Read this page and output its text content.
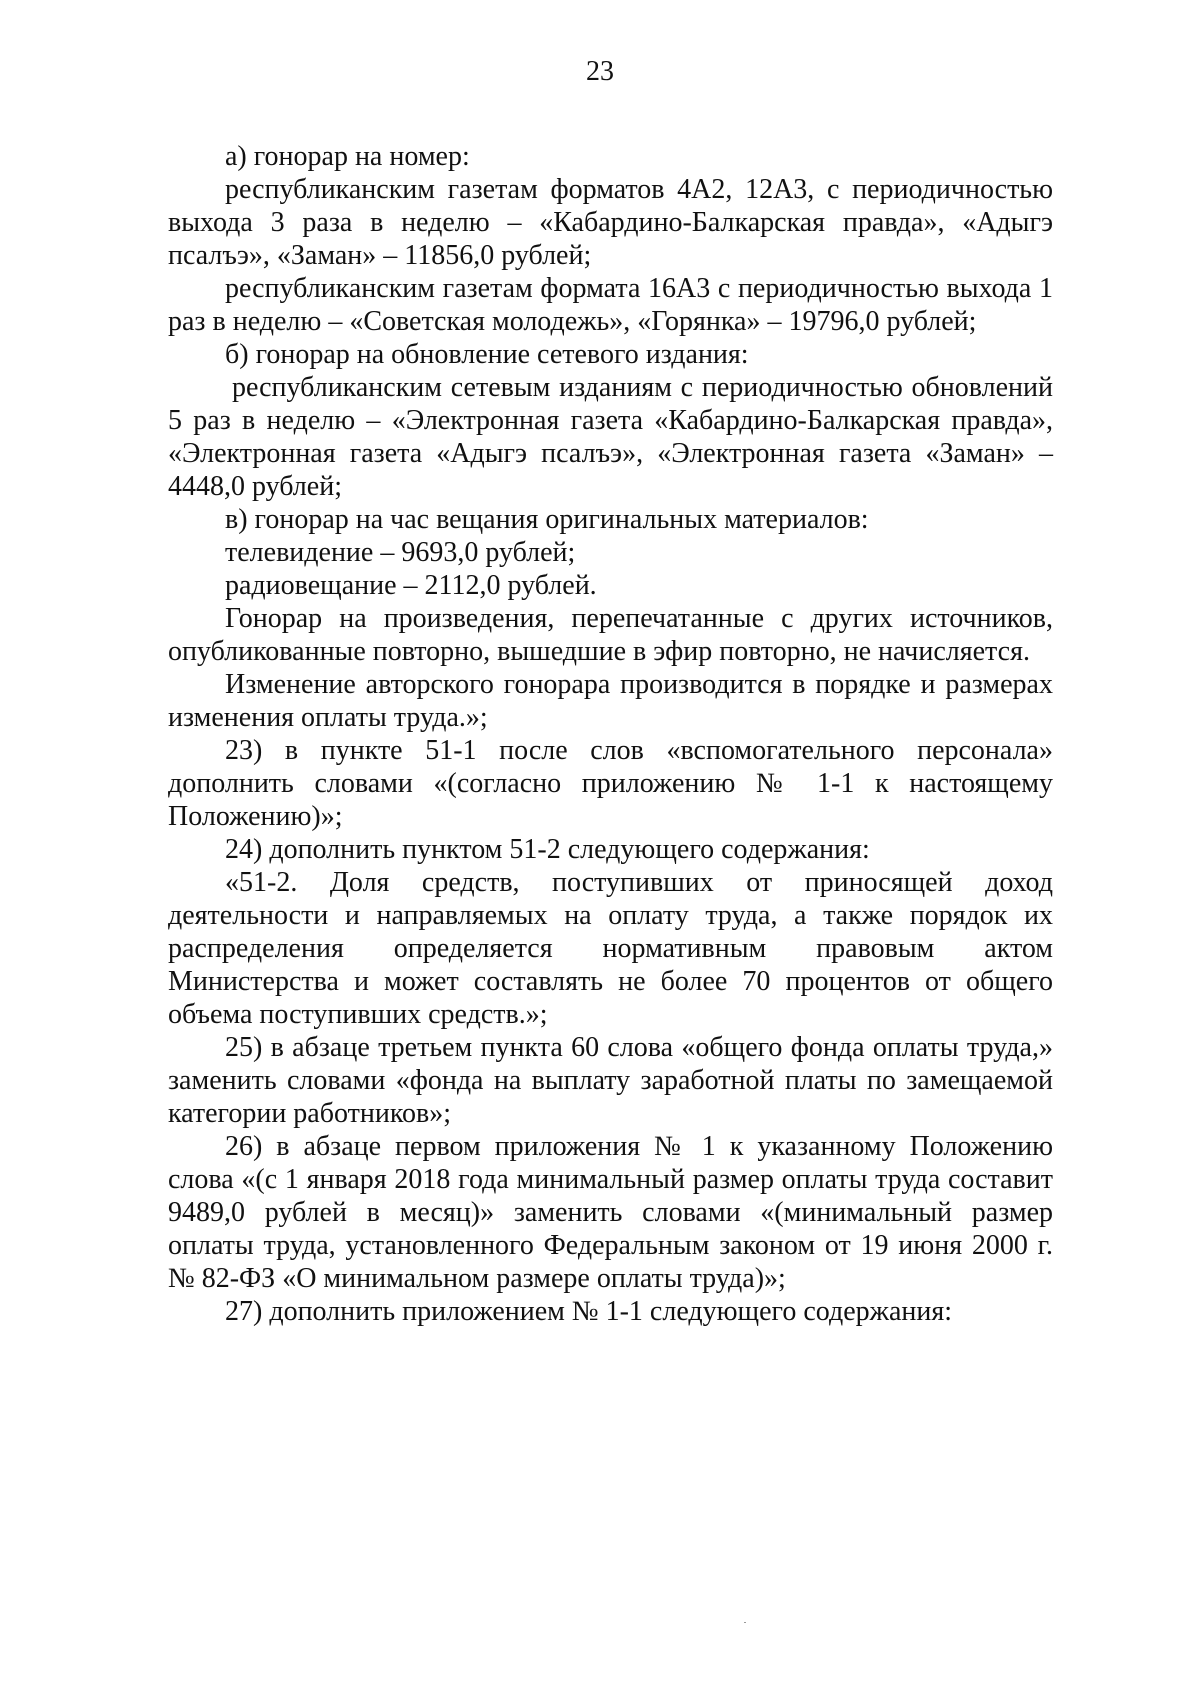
23

а) гонорар на номер:

республиканским газетам форматов 4А2, 12А3, с периодичностью выхода 3 раза в неделю – «Кабардино-Балкарская правда», «Адыгэ псалъэ», «Заман» – 11856,0 рублей;

республиканским газетам формата 16А3 с периодичностью выхода 1 раз в неделю – «Советская молодежь», «Горянка» – 19796,0 рублей;

б) гонорар на обновление сетевого издания:

республиканским сетевым изданиям с периодичностью обновлений 5 раз в неделю – «Электронная газета «Кабардино-Балкарская правда», «Электронная газета «Адыгэ псалъэ», «Электронная газета «Заман» – 4448,0 рублей;

в) гонорар на час вещания оригинальных материалов:

телевидение – 9693,0 рублей;

радиовещание – 2112,0 рублей.

Гонорар на произведения, перепечатанные с других источников, опубликованные повторно, вышедшие в эфир повторно, не начисляется.

Изменение авторского гонорара производится в порядке и размерах изменения оплаты труда.»;

23) в пункте 51-1 после слов «вспомогательного персонала» дополнить словами «(согласно приложению № 1-1 к настоящему Положению)»;

24) дополнить пунктом 51-2 следующего содержания:

«51-2. Доля средств, поступивших от приносящей доход деятельности и направляемых на оплату труда, а также порядок их распределения определяется нормативным правовым актом Министерства и может составлять не более 70 процентов от общего объема поступивших средств.»;

25) в абзаце третьем пункта 60 слова «общего фонда оплаты труда,» заменить словами «фонда на выплату заработной платы по замещаемой категории работников»;

26) в абзаце первом приложения № 1 к указанному Положению слова «(с 1 января 2018 года минимальный размер оплаты труда составит 9489,0 рублей в месяц)» заменить словами «(минимальный размер оплаты труда, установленного Федеральным законом от 19 июня 2000 г. № 82-ФЗ «О минимальном размере оплаты труда)»;

27) дополнить приложением № 1-1 следующего содержания:
